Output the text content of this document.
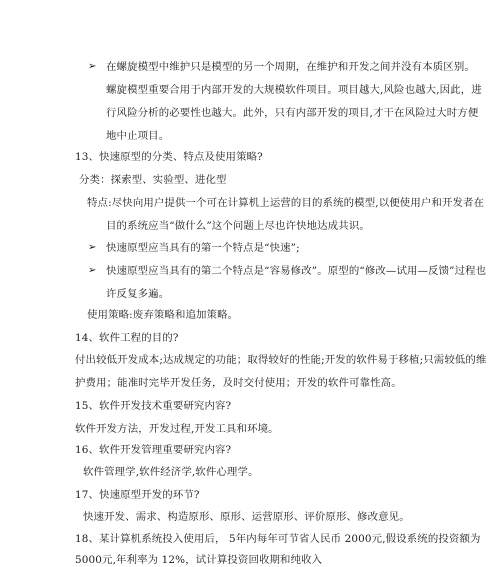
➢ 在螺旋模型中维护只是模型的另一个周期，在维护和开发之间并没有本质区别。
螺旋模型重要合用于内部开发的大规模软件项目。项目越大,风险也越大,因此，进
行风险分析的必要性也越大。此外，只有内部开发的项目,才干在风险过大时方便
地中止项目。
13、快速原型的分类、特点及使用策略?
分类：探索型、实验型、进化型
特点:尽快向用户提供一个可在计算机上运营的目的系统的模型,以便使用户和开发者在
目的系统应当“做什么”这个问题上尽也许快地达成共识。
➢ 快速原型应当具有的第一个特点是“快速”;
➢ 快速原型应当具有的第二个特点是“容易修改”。原型的“修改—试用—反馈”过程也
许反复多遍。
使用策略:废弃策略和追加策略。
14、软件工程的目的?
付出较低开发成本;达成规定的功能；取得较好的性能;开发的软件易于移植;只需较低的维
护费用；能准时完毕开发任务，及时交付使用；开发的软件可靠性高。
15、软件开发技术重要研究内容?
软件开发方法，开发过程,开发工具和环境。
16、软件开发管理重要研究内容?
软件管理学,软件经济学,软件心理学。
17、快速原型开发的环节?
快速开发、需求、构造原形、原形、运营原形、评价原形、修改意见。
18、某计算机系统投入使用后， 5年内每年可节省人民币 2000元,假设系统的投资额为
5000元,年利率为 12%，试计算投资回收期和纯收入
